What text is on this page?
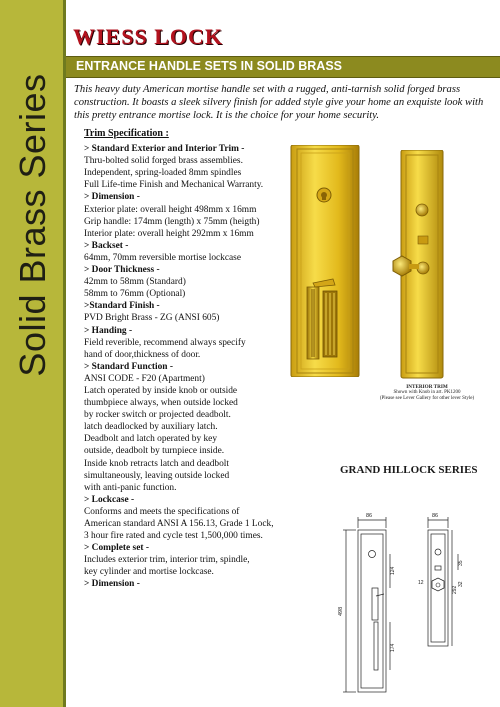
Solid Brass Series
WIESS LOCK
ENTRANCE HANDLE SETS IN SOLID BRASS
This heavy duty American mortise handle set with a rugged, anti-tarnish solid forged brass construction. It boasts a sleek silvery finish for added style give your home an exquiste look with this pretty entrance mortise lock. It is the choice for your home security.
Trim Specification :
> Standard Exterior and Interior Trim -
Thru-bolted solid forged brass assemblies.
Independent, spring-loaded 8mm spindles
Full Life-time Finish and Mechanical Warranty.
> Dimension -
Exterior plate: overall height 498mm x 16mm
Grip handle: 174mm (length) x 75mm (heigth)
Interior plate: overall height 292mm x 16mm
> Backset -
64mm, 70mm reversible mortise lockcase
> Door Thickness -
42mm to 58mm (Standard)
58mm to 76mm (Optional)
>Standard Finish -
PVD Bright Brass - ZG (ANSI 605)
> Handing -
Field reverible, recommend always specify
hand of door,thickness of door.
> Standard Function -
ANSI CODE - F20 (Apartment)
Latch operated by inside knob or outside
thumbpiece always, when outside locked
by rocker switch or projected deadbolt.
latch deadlocked by auxiliary latch.
Deadbolt and latch operated by key
outside, deadbolt by turnpiece inside.
Inside knob retracts latch and deadbolt
simultaneously, leaving outside locked
with anti-panic function.
> Lockcase -
Conforms and meets the specifications of
American standard ANSI A 156.13, Grade 1 Lock,
3 hour fire rated and cycle test 1,500,000 times.
> Complete set -
Includes exterior trim, interior trim, spindle,
key cylinder and mortise lockcase.
> Dimension -
INTERIOR TRIM
Shown with Knob in art. PK1200
(Please see Lever Gallery for other lever Style)
GRAND HILLOCK SERIES
86	86
498
124
174
292
35
32
12
